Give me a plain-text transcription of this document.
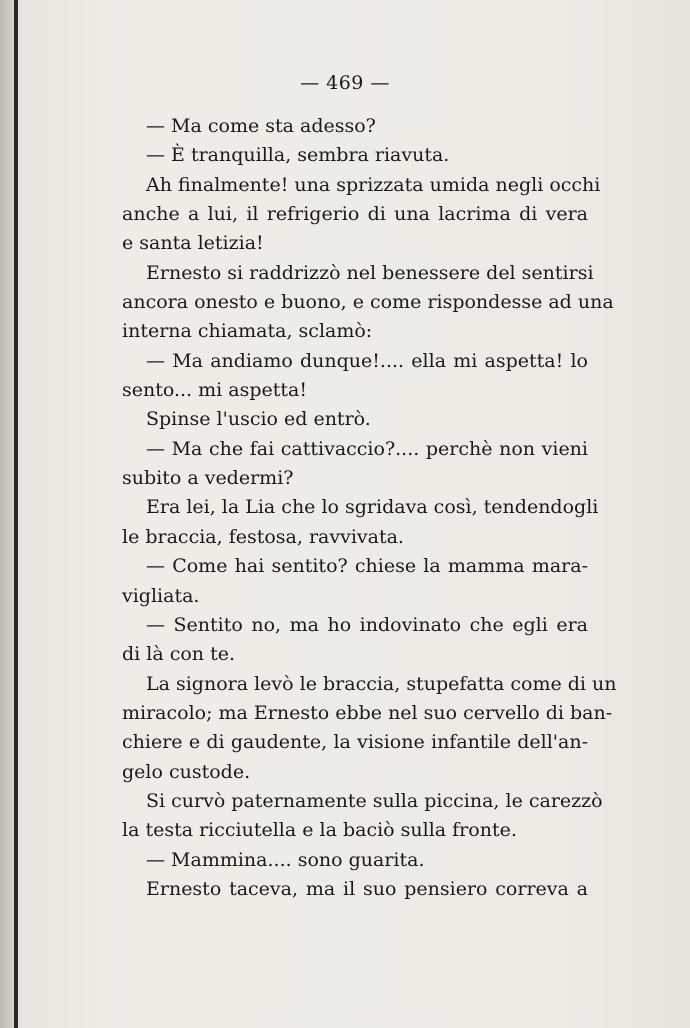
— 469 —
— Ma come sta adesso?
— È tranquilla, sembra riavuta.
Ah finalmente! una sprizzata umida negli occhi
anche a lui, il refrigerio di una lacrima di vera
e santa letizia!
Ernesto si raddrizzò nel benessere del sentirsi
ancora onesto e buono, e come rispondesse ad una
interna chiamata, sclamò:
— Ma andiamo dunque!.... ella mi aspetta! lo
sento... mi aspetta!
Spinse l'uscio ed entrò.
— Ma che fai cattivaccio?.... perchè non vieni
subito a vedermi?
Era lei, la Lia che lo sgridava così, tendendogli
le braccia, festosa, ravvivata.
— Come hai sentito? chiese la mamma mara-
vigliata.
— Sentito no, ma ho indovinato che egli era
di là con te.
La signora levò le braccia, stupefatta come di un
miracolo; ma Ernesto ebbe nel suo cervello di ban-
chiere e di gaudente, la visione infantile dell'an-
gelo custode.
Si curvò paternamente sulla piccina, le carezzò
la testa ricciutella e la baciò sulla fronte.
— Mammina.... sono guarita.
Ernesto taceva, ma il suo pensiero correva a
